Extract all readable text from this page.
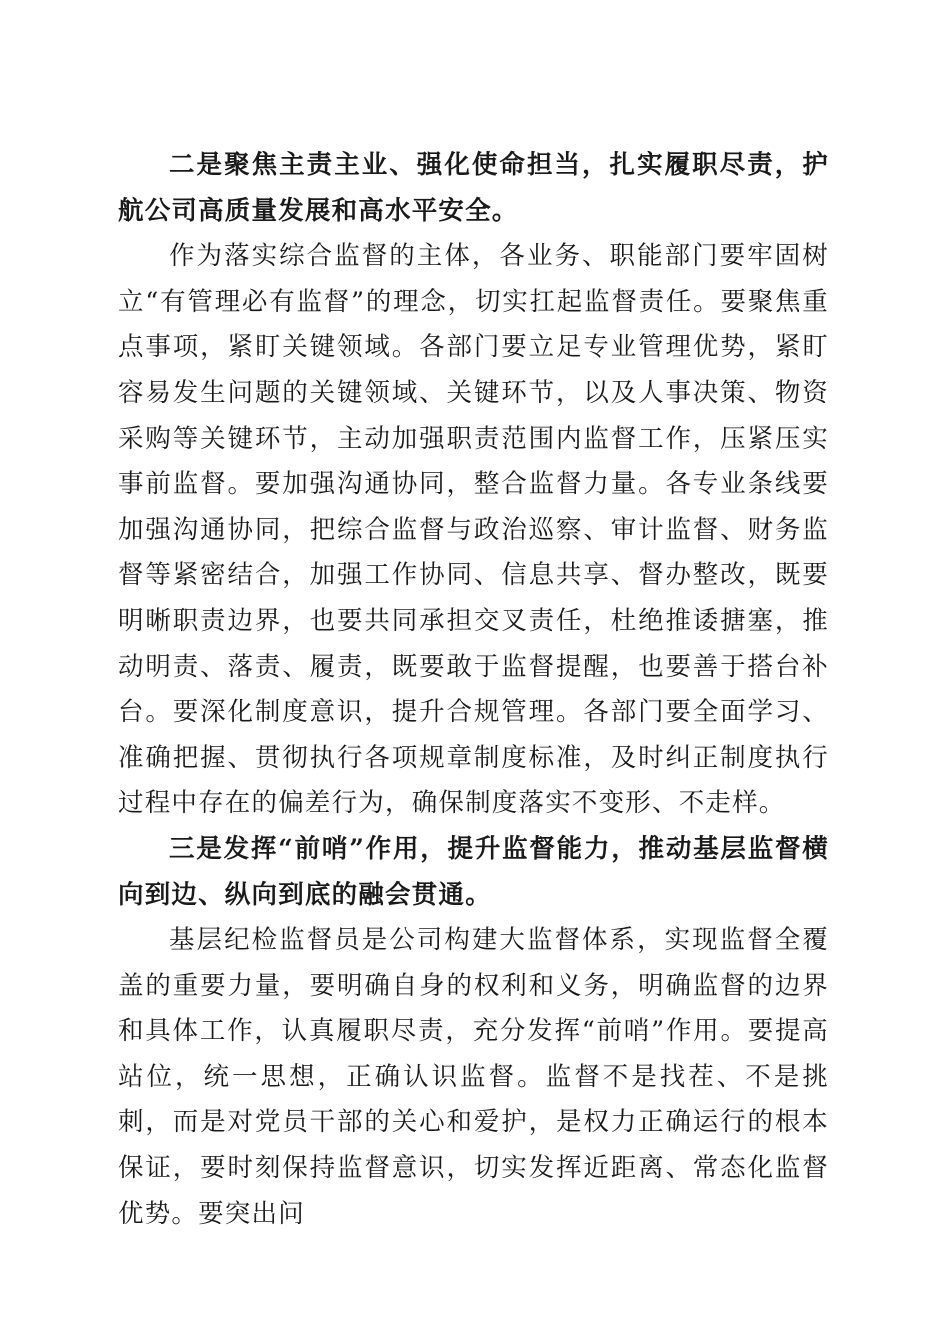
二是聚焦主责主业、强化使命担当，扎实履职尽责，护航公司高质量发展和高水平安全。

作为落实综合监督的主体，各业务、职能部门要牢固树立“有管理必有监督”的理念，切实扛起监督责任。要聚焦重点事项，紧盯关键领域。各部门要立足专业管理优势，紧盯容易发生问题的关键领域、关键环节，以及人事决策、物资采购等关键环节，主动加强职责范围内监督工作，压紧压实事前监督。要加强沟通协同，整合监督力量。各专业条线要加强沟通协同，把综合监督与政治巡察、审计监督、财务监督等紧密结合，加强工作协同、信息共享、督办整改，既要明晰职责边界，也要共同承担交叉责任，杜绝推诿搪塞，推动明责、落责、履责，既要敢于监督提醒，也要善于搭台补台。要深化制度意识，提升合规管理。各部门要全面学习、准确把握、贯彻执行各项规章制度标准，及时纠正制度执行过程中存在的偏差行为，确保制度落实不变形、不走样。

三是发挥“前哨”作用，提升监督能力，推动基层监督横向到边、纵向到底的融会贯通。

基层纪检监督员是公司构建大监督体系，实现监督全覆盖的重要力量，要明确自身的权利和义务，明确监督的边界和具体工作，认真履职尽责，充分发挥“前哨”作用。要提高站位，统一思想，正确认识监督。监督不是找茬、不是挑刺，而是对党员干部的关心和爱护，是权力正确运行的根本保证，要时刻保持监督意识，切实发挥近距离、常态化监督优势。要突出问
